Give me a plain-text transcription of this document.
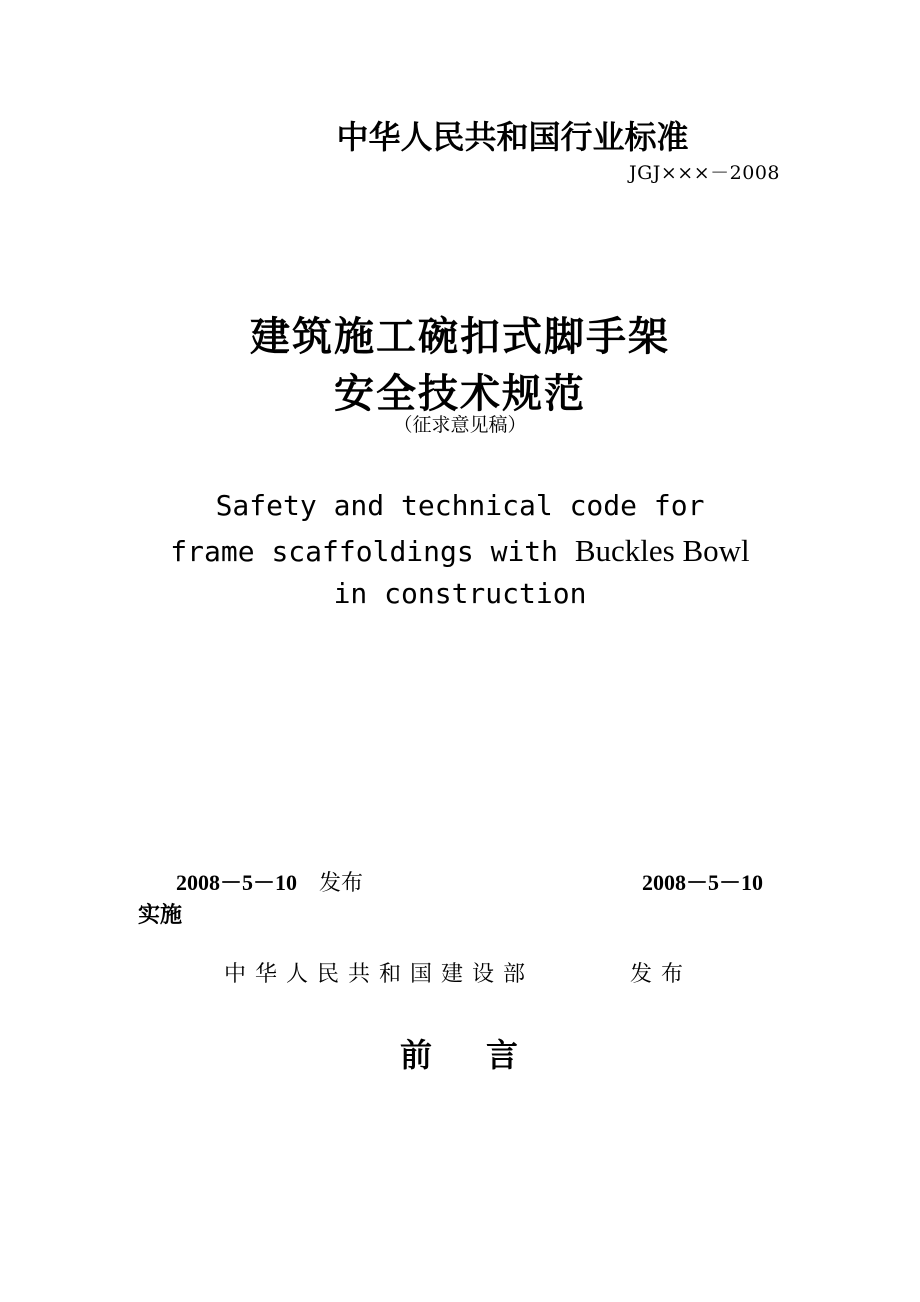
中华人民共和国行业标准
JGJ×××－2008
建筑施工碗扣式脚手架
安全技术规范
（征求意见稿）
Safety and technical code for
frame scaffoldings with Buckles Bowl
in construction
2008－5－10 发布	2008－5－10
实施
中华人民共和国建设部	发布
前 言
